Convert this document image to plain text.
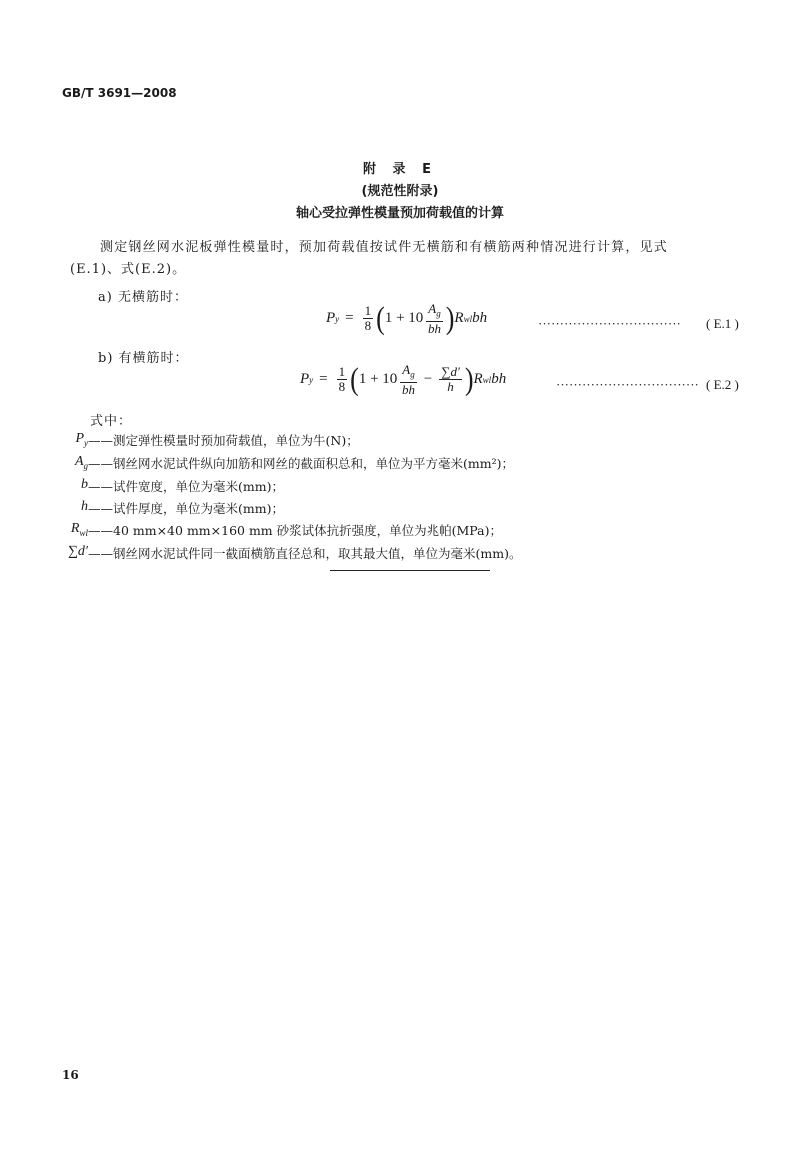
GB/T 3691—2008
附 录 E
(规范性附录)
轴心受拉弹性模量预加荷载值的计算
测定钢丝网水泥板弹性模量时，预加荷载值按试件无横筋和有横筋两种情况进行计算，见式
(E.1)、式(E.2)。
a) 无横筋时：
P $y = \frac{1}{8}$ ( $1 + 10 \frac{A_g}{bh}$ ) R wl bh	································· ( E.1 )
b) 有横筋时：
P $y = \frac{1}{8}$ ( $1 + 10 \frac{A_g}{bh} - \frac{\sum d'}{h}$ ) R wl bh	································· ( E.2 )
式中：
$P_y$ ——测定弹性模量时预加荷载值，单位为牛(N)；
$A_g$ ——钢丝网水泥试件纵向加筋和网丝的截面积总和，单位为平方毫米(mm²)；
b ——试件宽度，单位为毫米(mm)；
h ——试件厚度，单位为毫米(mm)；
$R_{wl}$ ——40 mm×40 mm×160 mm 砂浆试体抗折强度，单位为兆帕(MPa)；
∑d′ ——钢丝网水泥试件同一截面横筋直径总和，取其最大值，单位为毫米(mm)。
16
